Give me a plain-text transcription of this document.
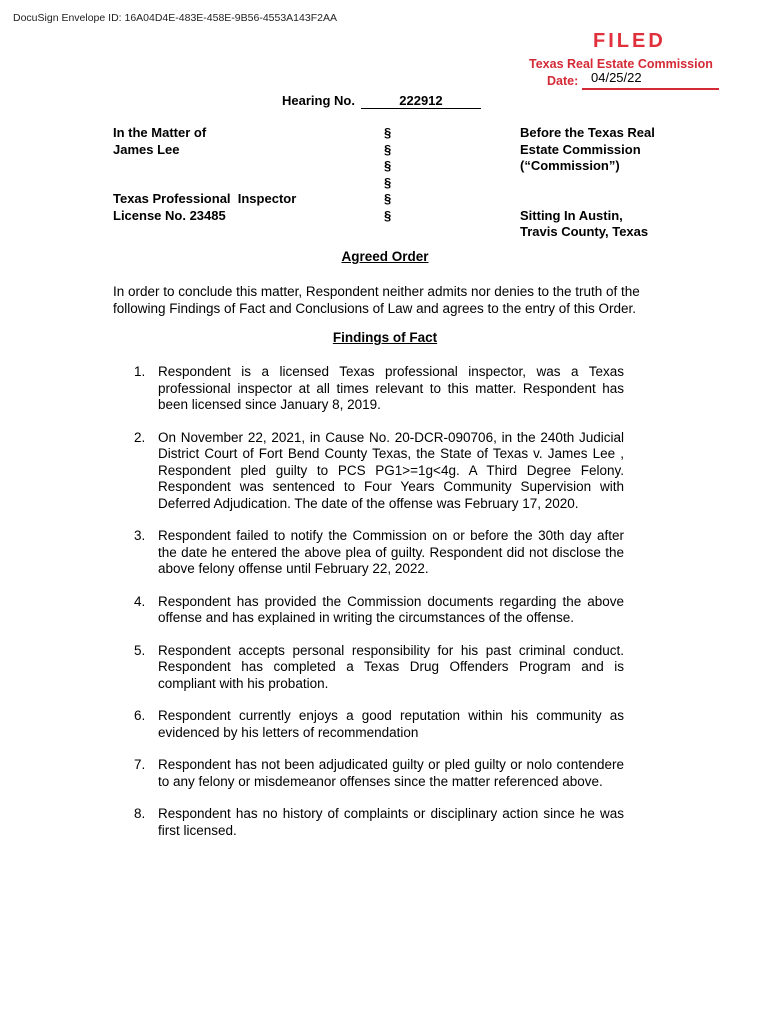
DocuSign Envelope ID: 16A04D4E-483E-458E-9B56-4553A143F2AA
FILED
Texas Real Estate Commission
Date: 04/25/22
Hearing No.	222912
In the Matter of
James Lee
Texas Professional  Inspector
License No. 23485
§
§
§
§
§
§
Before the Texas Real
Estate Commission
(“Commission”)
Sitting In Austin,
Travis County, Texas
Agreed Order
In order to conclude this matter, Respondent neither admits nor denies to the truth of the following Findings of Fact and Conclusions of Law and agrees to the entry of this Order.
Findings of Fact
1. Respondent is a licensed Texas professional inspector, was a Texas professional inspector at all times relevant to this matter. Respondent has been licensed since January 8, 2019.
2. On November 22, 2021, in Cause No. 20-DCR-090706, in the 240th Judicial District Court of Fort Bend County Texas, the State of Texas v. James Lee , Respondent pled guilty to PCS PG1>=1g<4g. A Third Degree Felony. Respondent was sentenced to Four Years Community Supervision with Deferred Adjudication. The date of the offense was February 17, 2020.
3. Respondent failed to notify the Commission on or before the 30th day after the date he entered the above plea of guilty. Respondent did not disclose the above felony offense until February 22, 2022.
4. Respondent has provided the Commission documents regarding the above offense and has explained in writing the circumstances of the offense.
5. Respondent accepts personal responsibility for his past criminal conduct. Respondent has completed a Texas Drug Offenders Program and is compliant with his probation.
6. Respondent currently enjoys a good reputation within his community as evidenced by his letters of recommendation
7. Respondent has not been adjudicated guilty or pled guilty or nolo contendere to any felony or misdemeanor offenses since the matter referenced above.
8. Respondent has no history of complaints or disciplinary action since he was first licensed.
